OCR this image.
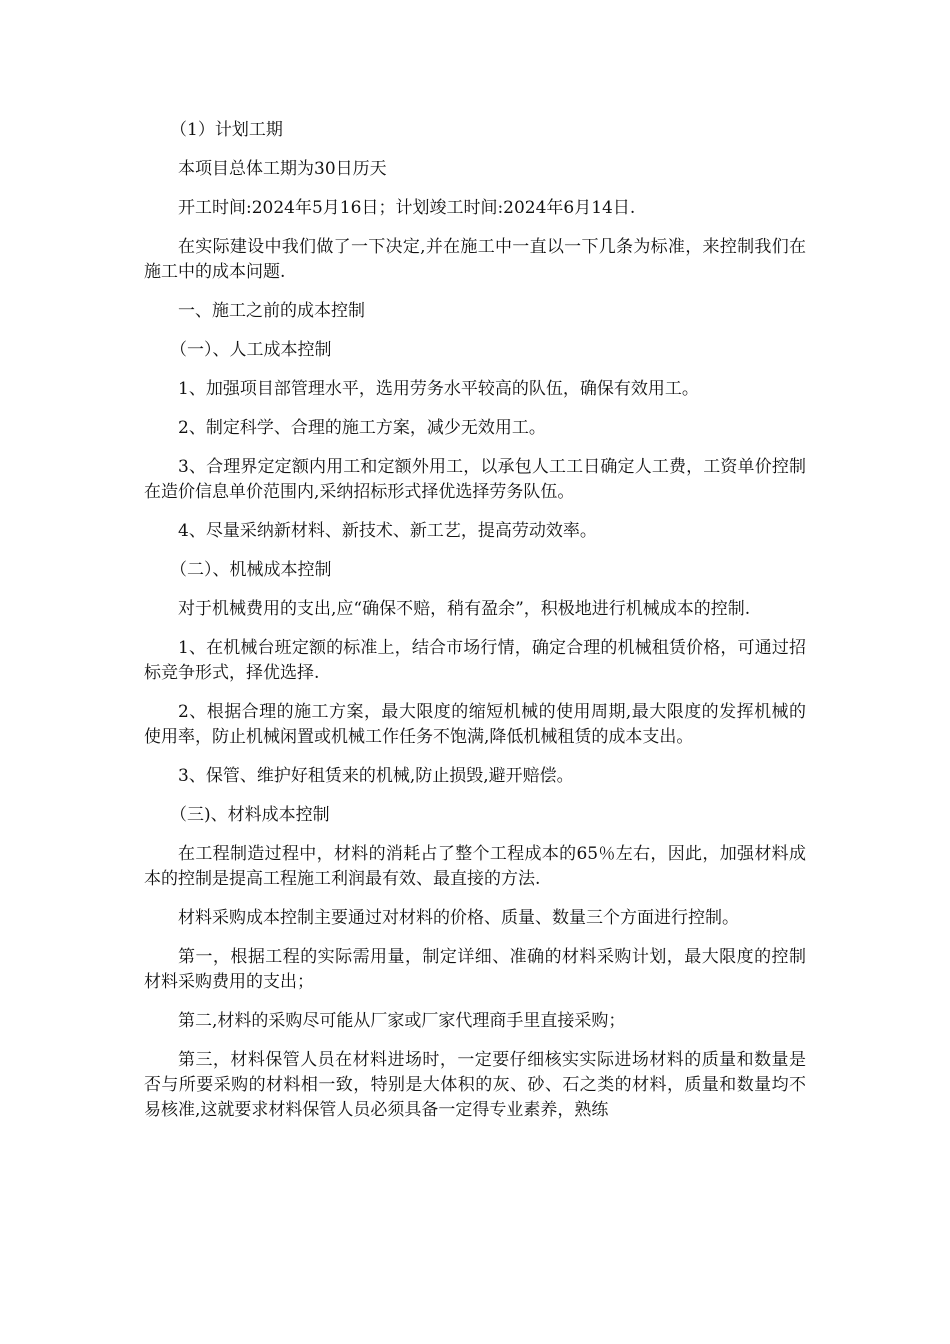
（1）计划工期

本项目总体工期为30日历天

开工时间:2024年5月16日；计划竣工时间:2024年6月14日.

在实际建设中我们做了一下决定,并在施工中一直以一下几条为标准，来控制我们在施工中的成本问题.

一、施工之前的成本控制

（一）、人工成本控制

1、加强项目部管理水平，选用劳务水平较高的队伍，确保有效用工。

2、制定科学、合理的施工方案，减少无效用工。

3、合理界定定额内用工和定额外用工，以承包人工工日确定人工费，工资单价控制在造价信息单价范围内,采纳招标形式择优选择劳务队伍。

4、尽量采纳新材料、新技术、新工艺，提高劳动效率。

（二）、机械成本控制

对于机械费用的支出,应“确保不赔，稍有盈余”，积极地进行机械成本的控制.

1、在机械台班定额的标准上，结合市场行情，确定合理的机械租赁价格，可通过招标竞争形式，择优选择.

2、根据合理的施工方案，最大限度的缩短机械的使用周期,最大限度的发挥机械的使用率，防止机械闲置或机械工作任务不饱满,降低机械租赁的成本支出。

3、保管、维护好租赁来的机械,防止损毁,避开赔偿。

（三)、材料成本控制

在工程制造过程中，材料的消耗占了整个工程成本的65％左右，因此，加强材料成本的控制是提高工程施工利润最有效、最直接的方法.

材料采购成本控制主要通过对材料的价格、质量、数量三个方面进行控制。

第一，根据工程的实际需用量，制定详细、准确的材料采购计划，最大限度的控制材料采购费用的支出；

第二,材料的采购尽可能从厂家或厂家代理商手里直接采购；

第三，材料保管人员在材料进场时，一定要仔细核实实际进场材料的质量和数量是否与所要采购的材料相一致，特别是大体积的灰、砂、石之类的材料，质量和数量均不易核准,这就要求材料保管人员必须具备一定得专业素养，熟练
